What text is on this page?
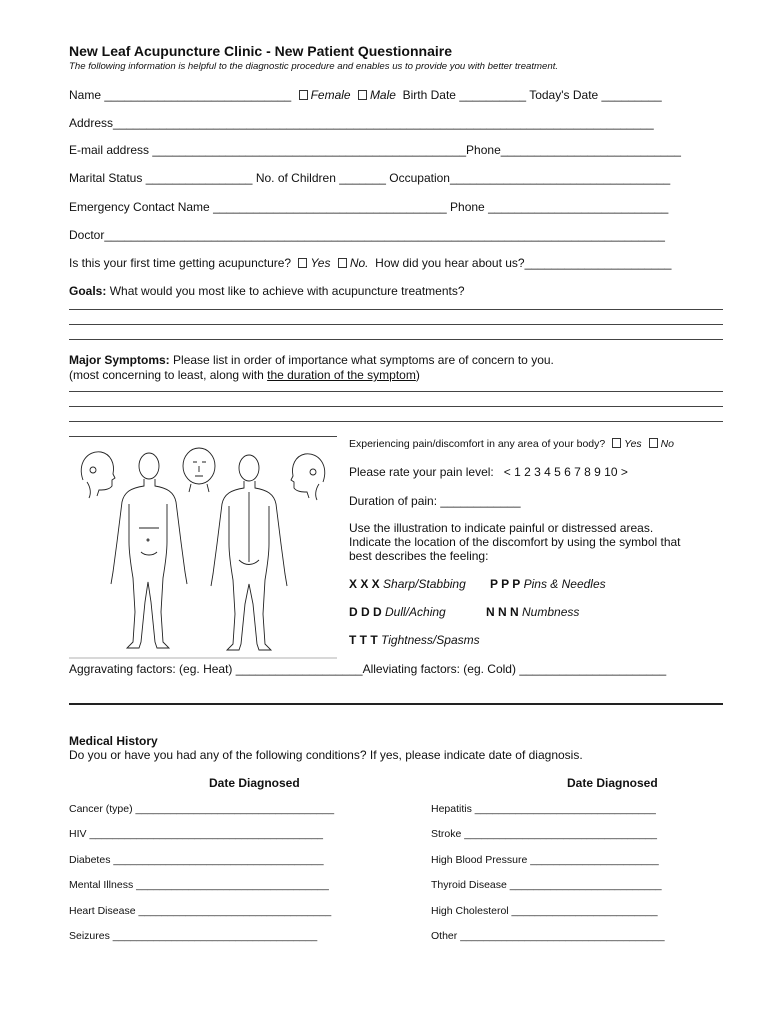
New Leaf Acupuncture Clinic - New Patient Questionnaire
The following information is helpful to the diagnostic procedure and enables us to provide you with better treatment.
Name ____________________________ Female Male Birth Date __________ Today's Date _________
Address_________________________________________________________________________________
E-mail address _______________________________________________Phone___________________________
Marital Status ________________ No. of Children _______ Occupation_________________________________
Emergency Contact Name ___________________________________ Phone ___________________________
Doctor____________________________________________________________________________________
Is this your first time getting acupuncture? Yes No. How did you hear about us?______________________
Goals: What would you most like to achieve with acupuncture treatments?
Major Symptoms: Please list in order of importance what symptoms are of concern to you.
(most concerning to least, along with the duration of the symptom)
Experiencing pain/discomfort in any area of your body? Yes No
Please rate your pain level: < 1 2 3 4 5 6 7 8 9 10 >
Duration of pain: ____________
Use the illustration to indicate painful or distressed areas.
Indicate the location of the discomfort by using the symbol that
best describes the feeling:
X X X Sharp/Stabbing P P P Pins & Needles
D D D Dull/Aching	N N N Numbness
T T T Tightness/Spasms
Aggravating factors: (eg. Heat) ___________________Alleviating factors: (eg. Cold) ______________________
Medical History
Do you or have you had any of the following conditions? If yes, please indicate date of diagnosis.
Date Diagnosed	Date Diagnosed
Cancer (type) __________________________________
HIV ________________________________________
Diabetes ____________________________________
Mental Illness _________________________________
Heart Disease _________________________________
Seizures ___________________________________
Hepatitis _______________________________
Stroke _________________________________
High Blood Pressure ______________________
Thyroid Disease __________________________
High Cholesterol _________________________
Other ___________________________________
